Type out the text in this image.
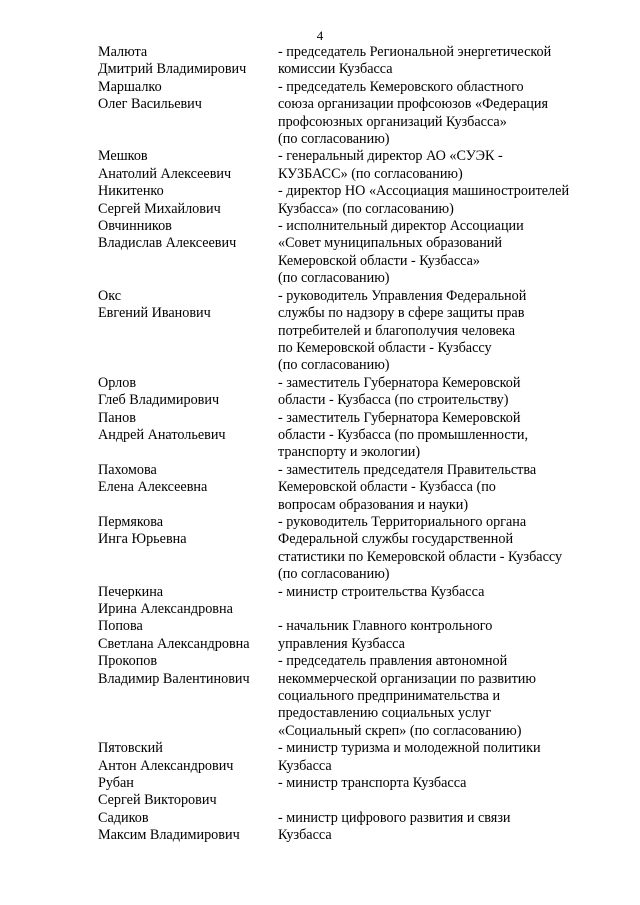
4
Малюта
Дмитрий Владимирович
- председатель Региональной энергетической
комиссии Кузбасса
Маршалко
Олег Васильевич
- председатель Кемеровского областного
союза организации профсоюзов «Федерация
профсоюзных организаций Кузбасса»
(по согласованию)
Мешков
Анатолий Алексеевич
- генеральный директор АО «СУЭК -
КУЗБАСС» (по согласованию)
Никитенко
Сергей Михайлович
- директор НО «Ассоциация машиностроителей
Кузбасса» (по согласованию)
Овчинников
Владислав Алексеевич
- исполнительный директор Ассоциации
«Совет муниципальных образований
Кемеровской области - Кузбасса»
(по согласованию)
Окс
Евгений Иванович
- руководитель Управления Федеральной
службы по надзору в сфере защиты прав
потребителей и благополучия человека
по Кемеровской области - Кузбассу
(по согласованию)
Орлов
Глеб Владимирович
- заместитель Губернатора Кемеровской
области - Кузбасса (по строительству)
Панов
Андрей Анатольевич
- заместитель Губернатора Кемеровской
области - Кузбасса (по промышленности,
транспорту и экологии)
Пахомова
Елена Алексеевна
- заместитель председателя Правительства
Кемеровской области - Кузбасса (по
вопросам образования и науки)
Пермякова
Инга Юрьевна
- руководитель Территориального органа
Федеральной службы государственной
статистики по Кемеровской области - Кузбассу
(по согласованию)
Печеркина
Ирина Александровна
- министр строительства Кузбасса
Попова
Светлана Александровна
- начальник Главного контрольного
управления Кузбасса
Прокопов
Владимир Валентинович
- председатель правления автономной
некоммерческой организации по развитию
социального предпринимательства и
предоставлению социальных услуг
«Социальный скреп» (по согласованию)
Пятовский
Антон Александрович
- министр туризма и молодежной политики
Кузбасса
Рубан
Сергей Викторович
- министр транспорта Кузбасса
Садиков
Максим Владимирович
- министр цифрового развития и связи
Кузбасса
